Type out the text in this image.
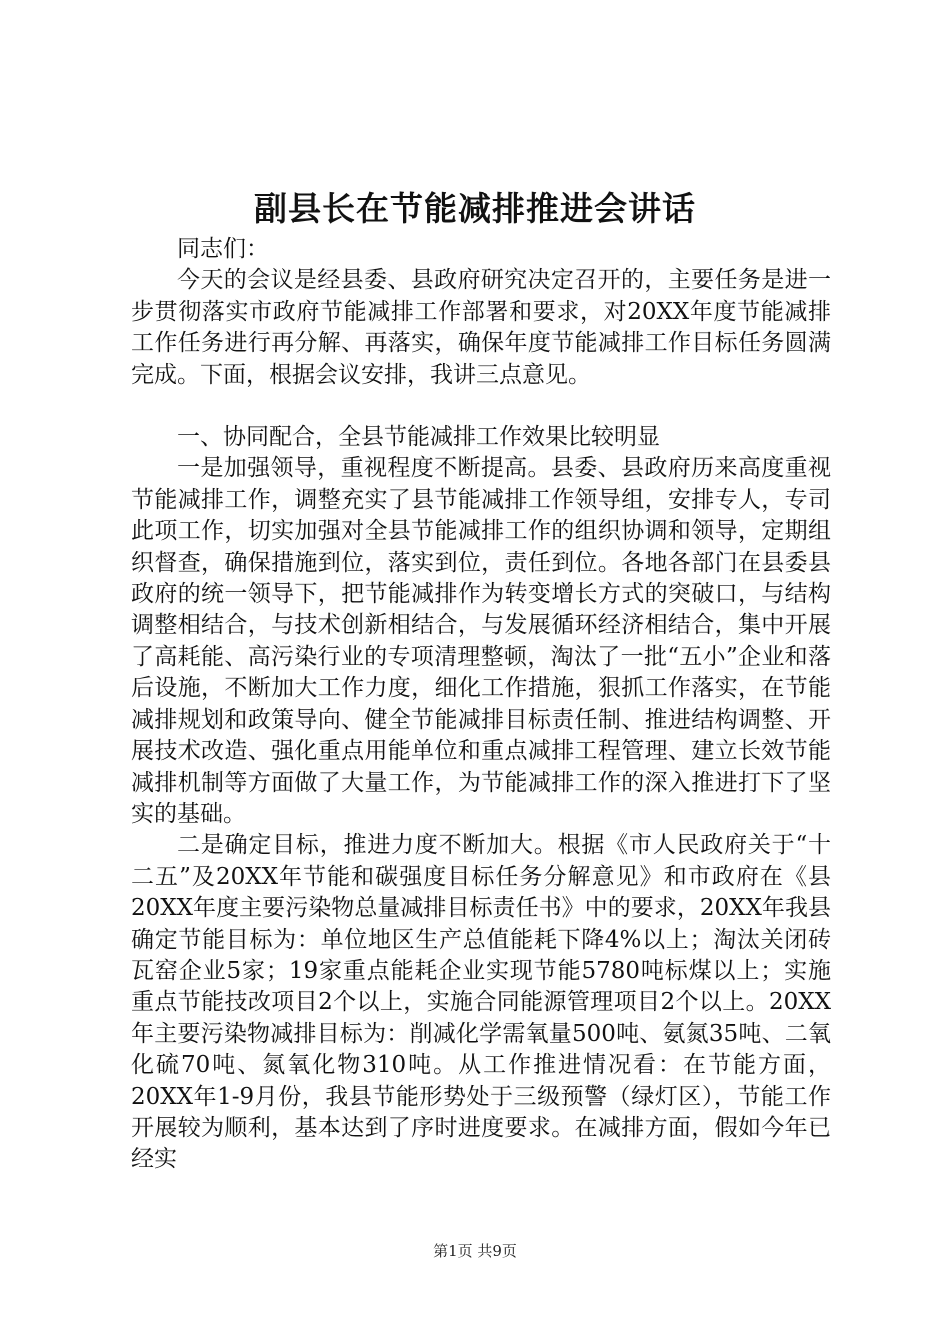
副县长在节能减排推进会讲话

同志们：

今天的会议是经县委、县政府研究决定召开的，主要任务是进一步贯彻落实市政府节能减排工作部署和要求，对20XX年度节能减排工作任务进行再分解、再落实，确保年度节能减排工作目标任务圆满完成。下面，根据会议安排，我讲三点意见。

一、协同配合，全县节能减排工作效果比较明显

一是加强领导，重视程度不断提高。县委、县政府历来高度重视节能减排工作，调整充实了县节能减排工作领导组，安排专人，专司此项工作，切实加强对全县节能减排工作的组织协调和领导，定期组织督查，确保措施到位，落实到位，责任到位。各地各部门在县委县政府的统一领导下，把节能减排作为转变增长方式的突破口，与结构调整相结合，与技术创新相结合，与发展循环经济相结合，集中开展了高耗能、高污染行业的专项清理整顿，淘汰了一批“五小”企业和落后设施，不断加大工作力度，细化工作措施，狠抓工作落实，在节能减排规划和政策导向、健全节能减排目标责任制、推进结构调整、开展技术改造、强化重点用能单位和重点减排工程管理、建立长效节能减排机制等方面做了大量工作，为节能减排工作的深入推进打下了坚实的基础。

二是确定目标，推进力度不断加大。根据《市人民政府关于“十二五”及20XX年节能和碳强度目标任务分解意见》和市政府在《县20XX年度主要污染物总量减排目标责任书》中的要求，20XX年我县确定节能目标为：单位地区生产总值能耗下降4%以上；淘汰关闭砖瓦窑企业5家；19家重点能耗企业实现节能5780吨标煤以上；实施重点节能技改项目2个以上，实施合同能源管理项目2个以上。20XX年主要污染物减排目标为：削减化学需氧量500吨、氨氮35吨、二氧化硫70吨、氮氧化物310吨。从工作推进情况看：在节能方面，20XX年1-9月份，我县节能形势处于三级预警（绿灯区），节能工作开展较为顺利，基本达到了序时进度要求。在减排方面，假如今年已经实

第1页 共9页
